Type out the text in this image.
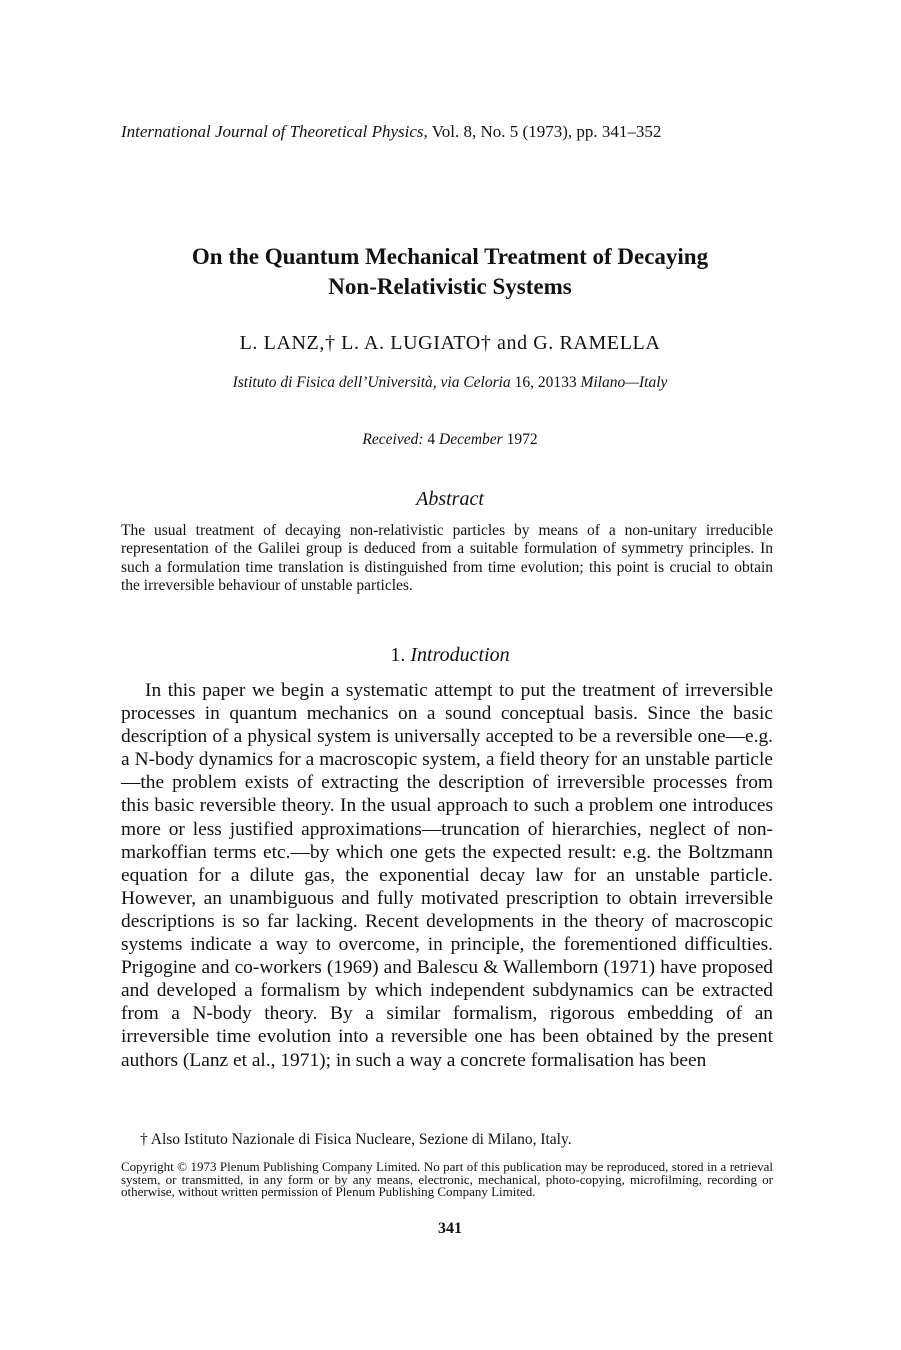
International Journal of Theoretical Physics, Vol. 8, No. 5 (1973), pp. 341–352
On the Quantum Mechanical Treatment of Decaying
Non-Relativistic Systems
L. LANZ,† L. A. LUGIATO† and G. RAMELLA
Istituto di Fisica dell’Università, via Celoria 16, 20133 Milano—Italy
Received: 4 December 1972
Abstract
The usual treatment of decaying non-relativistic particles by means of a non-unitary irreducible representation of the Galilei group is deduced from a suitable formulation of symmetry principles. In such a formulation time translation is distinguished from time evolution; this point is crucial to obtain the irreversible behaviour of unstable particles.
1. Introduction

In this paper we begin a systematic attempt to put the treatment of irreversible processes in quantum mechanics on a sound conceptual basis. Since the basic description of a physical system is universally accepted to be a reversible one—e.g. a N-body dynamics for a macroscopic system, a field theory for an unstable particle—the problem exists of extracting the description of irreversible processes from this basic reversible theory. In the usual approach to such a problem one introduces more or less justified approximations—truncation of hierarchies, neglect of non-markoffian terms etc.—by which one gets the expected result: e.g. the Boltzmann equation for a dilute gas, the exponential decay law for an unstable particle. However, an unambiguous and fully motivated prescription to obtain irreversible descriptions is so far lacking. Recent developments in the theory of macroscopic systems indicate a way to overcome, in principle, the forementioned difficulties. Prigogine and co-workers (1969) and Balescu & Wallemborn (1971) have proposed and developed a formalism by which independent subdynamics can be extracted from a N-body theory. By a similar formalism, rigorous embedding of an irreversible time evolution into a reversible one has been obtained by the present authors (Lanz et al., 1971); in such a way a concrete formalisation has been

† Also Istituto Nazionale di Fisica Nucleare, Sezione di Milano, Italy.
Copyright © 1973 Plenum Publishing Company Limited. No part of this publication may be reproduced, stored in a retrieval system, or transmitted, in any form or by any means, electronic, mechanical, photo-copying, microfilming, recording or otherwise, without written permission of Plenum Publishing Company Limited.
341
